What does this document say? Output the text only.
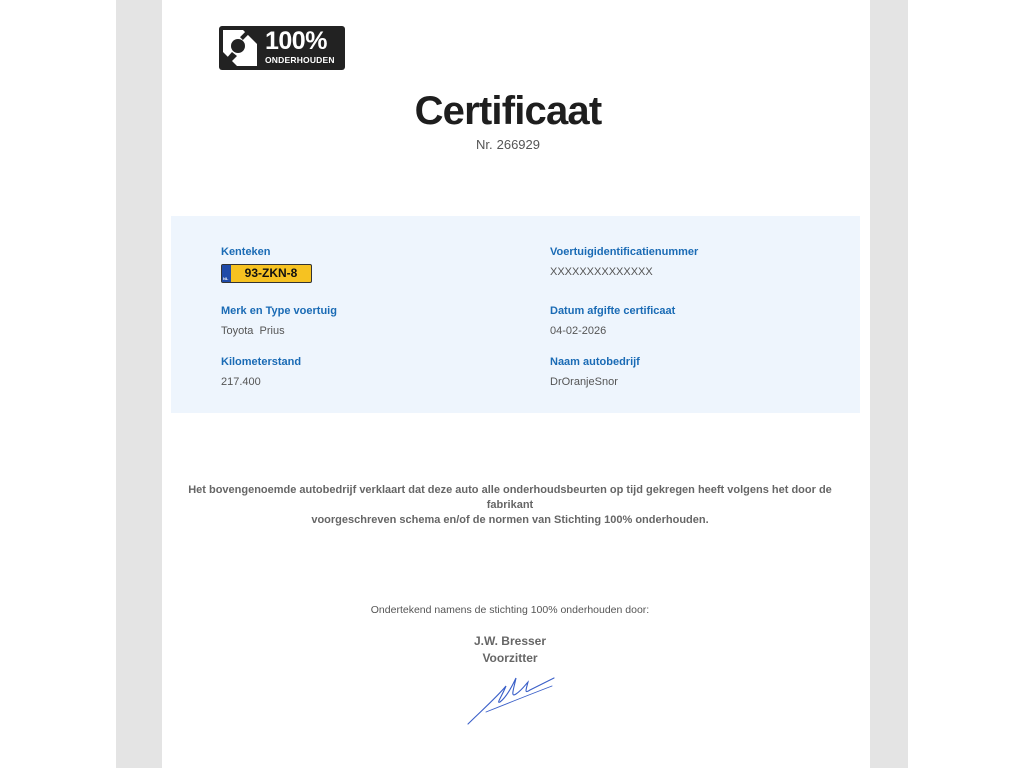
100%
ONDERHOUDEN
Certificaat
Nr. 266929
Kenteken
NL	93-ZKN-8
Merk en Type voertuig
Toyota  Prius
Kilometerstand
217.400
Voertuigidentificatienummer
XXXXXXXXXXXXXX
Datum afgifte certificaat
04-02-2026
Naam autobedrijf
DrOranjeSnor
Het bovengenoemde autobedrijf verklaart dat deze auto alle onderhoudsbeurten op tijd gekregen heeft volgens het door de fabrikant
voorgeschreven schema en/of de normen van Stichting 100% onderhouden.
Ondertekend namens de stichting 100% onderhouden door:
J.W. Bresser
Voorzitter
